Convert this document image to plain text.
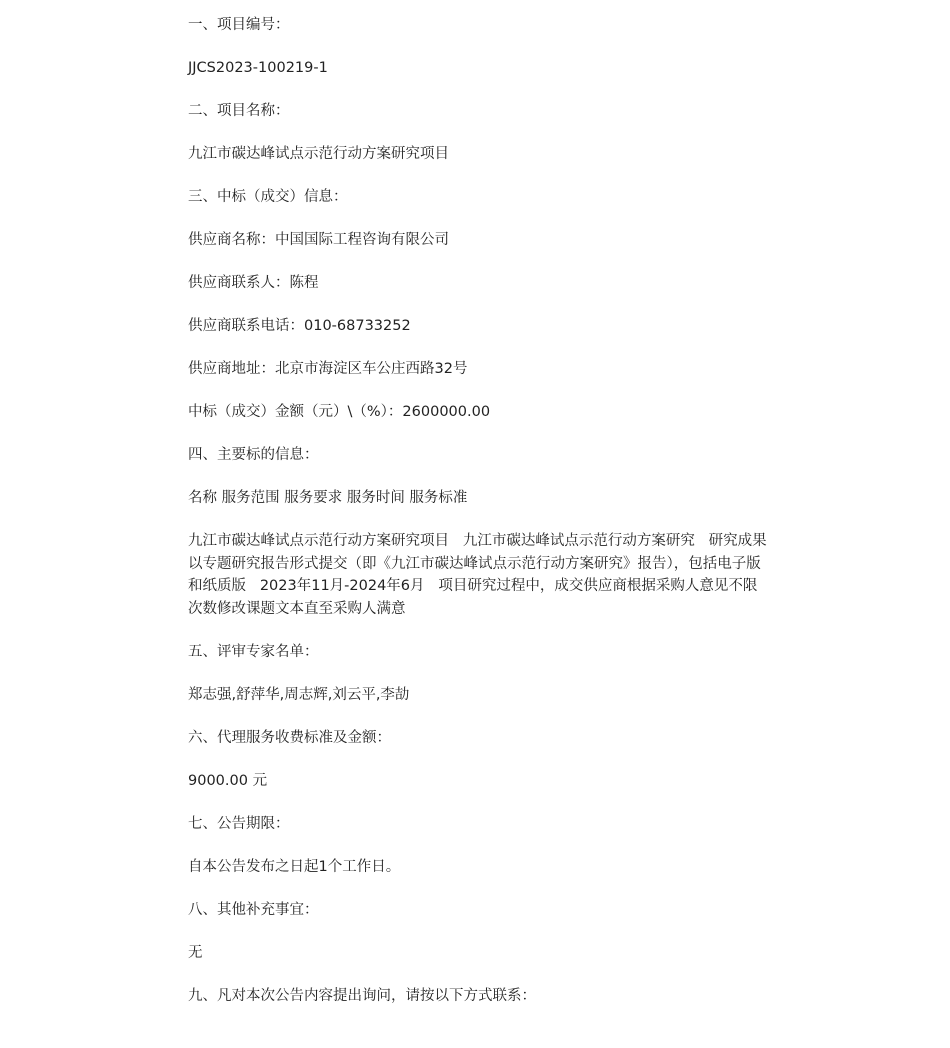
一、项目编号：

JJCS2023-100219-1

二、项目名称：

九江市碳达峰试点示范行动方案研究项目

三、中标（成交）信息：

供应商名称：中国国际工程咨询有限公司

供应商联系人：陈程

供应商联系电话：010-68733252

供应商地址：北京市海淀区车公庄西路32号

中标（成交）金额（元）\（%）：2600000.00

四、主要标的信息：

名称 服务范围 服务要求 服务时间 服务标准

九江市碳达峰试点示范行动方案研究项目   九江市碳达峰试点示范行动方案研究   研究成果以专题研究报告形式提交（即《九江市碳达峰试点示范行动方案研究》报告），包括电子版和纸质版   2023年11月-2024年6月   项目研究过程中，成交供应商根据采购人意见不限次数修改课题文本直至采购人满意

五、评审专家名单：

郑志强,舒萍华,周志辉,刘云平,李劼

六、代理服务收费标准及金额：

9000.00 元

七、公告期限：

自本公告发布之日起1个工作日。

八、其他补充事宜：

无

九、凡对本次公告内容提出询问，请按以下方式联系：
